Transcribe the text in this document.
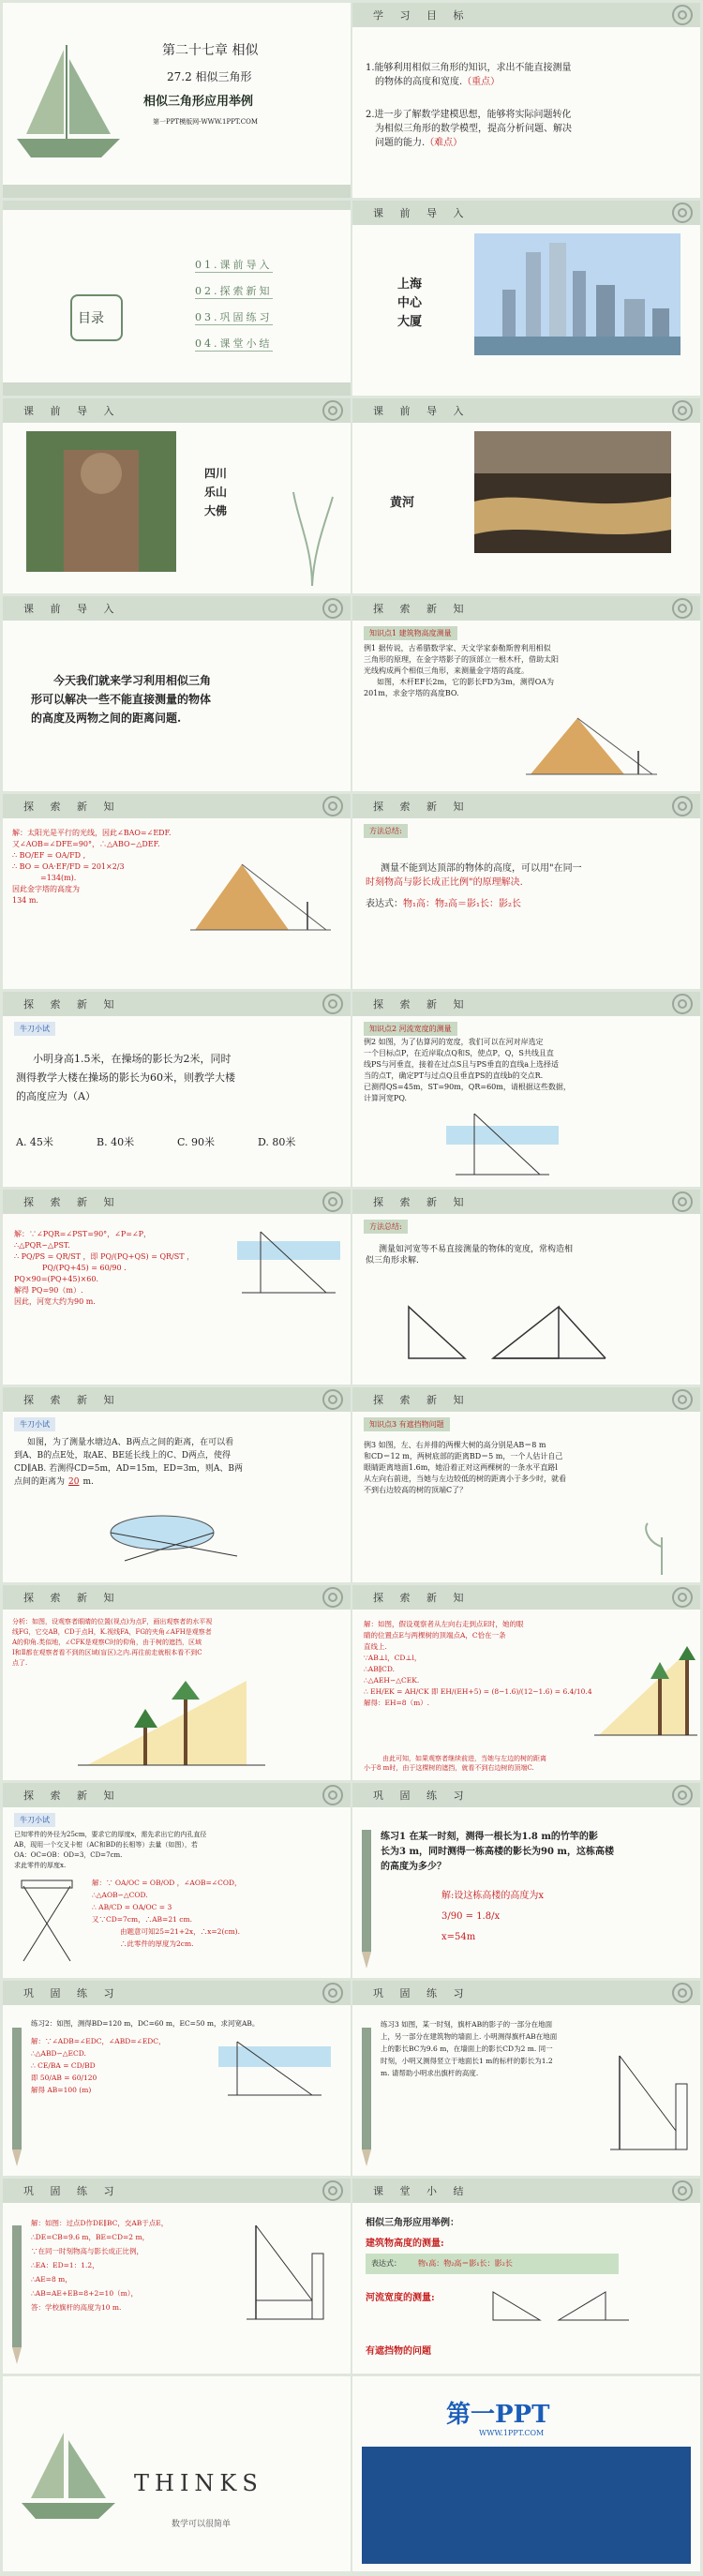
第二十七章 相似
27.2 相似三角形
相似三角形应用举例
第一PPT模版网-WWW.1PPT.COM
学 习 目 标
1.能够利用相似三角形的知识，求出不能直接测量
的物体的高度和宽度.（重点）
2.进一步了解数学建模思想，能够将实际问题转化
为相似三角形的数学模型，提高分析问题、解决
问题的能力.（难点）
目录
01.课前导入
02.探索新知
03.巩固练习
04.课堂小结
课 前 导 入
上海
中心
大厦
课 前 导 入
四川
乐山
大佛
课 前 导 入
黄河
课 前 导 入
今天我们就来学习利用相似三角
形可以解决一些不能直接测量的物体
的高度及两物之间的距离问题.
探 索 新 知
知识点1 建筑物高度测量
例1 据传说，古希腊数学家、天文学家泰勒斯曾利用相似
三角形的原理，在金字塔影子的顶部立一根木杆，借助太阳
光线构成两个相似三角形，来测量金字塔的高度。
如图，木杆EF长2m，它的影长FD为3m，测得OA为
201m，求金字塔的高度BO.
探 索 新 知
解：太阳光是平行的光线，因此∠BAO=∠EDF.
又∠AOB=∠DFE=90°，∴△ABO∽△DEF.
∴ BO/EF = OA/FD ,
∴ BO = OA·EF/FD = 201×2/3
=134(m).
因此金字塔的高度为
134 m.
探 索 新 知
方法总结:
测量不能到达顶部的物体的高度，可以用"在同一
时刻物高与影长成正比例"的原理解决.
表达式：物₁高：物₂高＝影₁长：影₂长
探 索 新 知
牛刀小试
小明身高1.5米，在操场的影长为2米，同时
测得教学大楼在操场的影长为60米，则教学大楼
的高度应为（A）
A. 45米	B. 40米	C. 90米	D. 80米
探 索 新 知
知识点2 河流宽度的测量
例2 如图，为了估算河的宽度，我们可以在河对岸选定
一个目标点P，在近岸取点Q和S，使点P，Q，S共线且直
线PS与河垂直，接着在过点S且与PS垂直的直线a上选择适
当的点T，确定PT与过点Q且垂直PS的直线b的交点R.
已测得QS=45m，ST=90m，QR=60m，请根据这些数据，
计算河宽PQ.
探 索 新 知
解：∵∠PQR=∠PST=90°，∠P=∠P，
∴△PQR∽△PST.
∴ PQ/PS = QR/ST ，即 PQ/(PQ+QS) = QR/ST ，
PQ/(PQ+45) = 60/90 .
PQ×90=(PQ+45)×60.
解得 PQ=90（m）.
因此，河宽大约为90 m.
探 索 新 知
方法总结:
测量如河宽等不易直接测量的物体的宽度，常构造相
似三角形求解.
探 索 新 知
牛刀小试
如图，为了测量水塘边A、B两点之间的距离，在可以看
到A、B的点E处，取AE、BE延长线上的C、D两点，使得
CD∥AB. 若测得CD=5m，AD=15m，ED=3m，则A、B两
点间的距离为 20 m.
探 索 新 知
知识点3 有遮挡物问题
例3 如图，左、右并排的两棵大树的高分别是AB＝8 m
和CD＝12 m，两树底部的距离BD＝5 m，一个人估计自己
眼睛距离地面1.6m，她沿着正对这两棵树的一条水平直路l
从左向右前进，当她与左边较低的树的距离小于多少时，就看
不到右边较高的树的顶端C了？
探 索 新 知
分析：如图，设观察者眼睛的位置(视点)为点F，画出观察者的水平视
线FG，它交AB，CD于点H，K.视线FA，FG的夹角∠AFH是观察者
A的仰角.类似地，∠CFK是观察C时的仰角，由于树的遮挡，区域
Ⅰ和Ⅱ都在观察者看不到的区域(盲区)之内.再往前走就根本看不到C
点了.
探 索 新 知
解：如图，假设观察者从左向右走到点E时，她的眼
睛的位置点E与两棵树的顶端点A，C恰在一条
直线上.
∵AB⊥l，CD⊥l，
∴AB∥CD.
∴△AEH∽△CEK.
∴ EH/EK = AH/CK 即 EH/(EH+5) = (8−1.6)/(12−1.6) = 6.4/10.4
解得：EH=8（m）.
由此可知，如果观察者继续前进，当她与左边的树的距离
小于8 m时，由于这棵树的遮挡，就看不到右边树的顶端C.
探 索 新 知
牛刀小试
已知零件的外径为25cm，要求它的厚度x，需先求出它的内孔直径
AB，现用一个交叉卡钳（AC和BD的长相等）去量（如图），若
OA：OC=OB：OD=3，CD=7cm.
求此零件的厚度x.
解：∵ OA/OC = OB/OD ，∠AOB=∠COD，
∴△AOB∽△COD.
∴ AB/CD = OA/OC = 3
又∵CD=7cm，∴AB=21 cm.
由题意可知25=21+2x，∴x=2(cm).
∴此零件的厚度为2cm.
巩 固 练 习
练习1 在某一时刻，测得一根长为1.8 m的竹竿的影
长为3 m，同时测得一栋高楼的影长为90 m，这栋高楼
的高度为多少？
解:设这栋高楼的高度为x
3/90 = 1.8/x
x=54m
巩 固 练 习
练习2：如图，测得BD=120 m，DC=60 m，EC=50 m，求河宽AB。
解：∵∠ADB=∠EDC，∠ABD=∠EDC，
∴△ABD∽△ECD.
∴ CE/BA = CD/BD
即 50/AB = 60/120
解得 AB=100 (m)
巩 固 练 习
练习3 如图，某一时刻，旗杆AB的影子的一部分在地面
上，另一部分在建筑物的墙面上. 小明测得旗杆AB在地面
上的影长BC为9.6 m，在墙面上的影长CD为2 m. 同一
时刻，小明又测得竖立于地面长1 m的标杆的影长为1.2
m. 请帮助小明求出旗杆的高度.
巩 固 练 习
解：如图：过点D作DE∥BC，交AB于点E，
∴DE=CB=9.6 m，BE=CD=2 m，
∵在同一时刻物高与影长成正比例，
∴EA：ED=1：1.2，
∴AE=8 m，
∴AB=AE+EB=8+2=10（m），
答：学校旗杆的高度为10 m.
课 堂 小 结
相似三角形应用举例：
建筑物高度的测量:
表达式： 物₁高：物₂高＝影₁长：影₂长
河流宽度的测量:
有遮挡物的问题
THINKS
数学可以很简单
第一PPT
WWW.1PPT.COM
